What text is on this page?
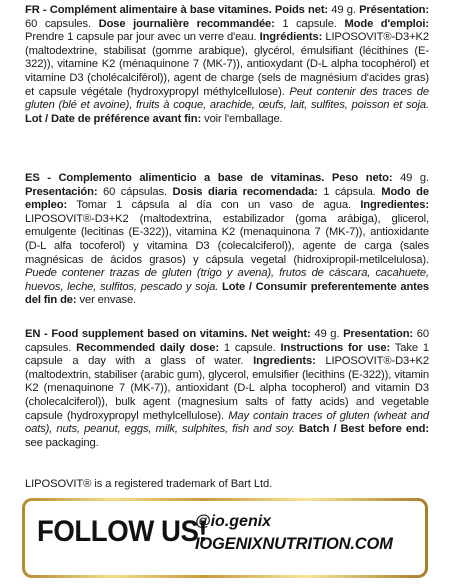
FR - Complément alimentaire à base vitamines. Poids net: 49 g. Présentation: 60 capsules. Dose journalière recommandée: 1 capsule. Mode d'emploi: Prendre 1 capsule par jour avec un verre d'eau. Ingrédients: LIPOSOVIT®-D3+K2 (maltodextrine, stabilisat (gomme arabique), glycérol, émulsifiant (lécithines (E-322)), vitamine K2 (ménaquinone 7 (MK-7)), antioxydant (D-L alpha tocophérol) et vitamine D3 (cholécalciférol)), agent de charge (sels de magnésium d'acides gras) et capsule végétale (hydroxypropyl méthylcellulose). Peut contenir des traces de gluten (blé et avoine), fruits à coque, arachide, œufs, lait, sulfites, poisson et soja. Lot / Date de préférence avant fin: voir l'emballage.
ES - Complemento alimenticio a base de vitaminas. Peso neto: 49 g. Presentación: 60 cápsulas. Dosis diaria recomendada: 1 cápsula. Modo de empleo: Tomar 1 cápsula al día con un vaso de agua. Ingredientes: LIPOSOVIT®-D3+K2 (maltodextrina, estabilizador (goma arábiga), glicerol, emulgente (lecitinas (E-322)), vitamina K2 (menaquinona 7 (MK-7)), antioxidante (D-L alfa tocoferol) y vitamina D3 (colecalciferol)), agente de carga (sales magnésicas de ácidos grasos) y cápsula vegetal (hidroxipropil-metilcelulosa). Puede contener trazas de gluten (trigo y avena), frutos de cáscara, cacahuete, huevos, leche, sulfitos, pescado y soja. Lote / Consumir preferentemente antes del fin de: ver envase.
EN - Food supplement based on vitamins. Net weight: 49 g. Presentation: 60 capsules. Recommended daily dose: 1 capsule. Instructions for use: Take 1 capsule a day with a glass of water. Ingredients: LIPOSOVIT®-D3+K2 (maltodextrin, stabiliser (arabic gum), glycerol, emulsifier (lecithins (E-322)), vitamin K2 (menaquinone 7 (MK-7)), antioxidant (D-L alpha tocopherol) and vitamin D3 (cholecalciferol)), bulk agent (magnesium salts of fatty acids) and vegetable capsule (hydroxypropyl methylcellulose). May contain traces of gluten (wheat and oats), nuts, peanut, eggs, milk, sulphites, fish and soy. Batch / Best before end: see packaging.
LIPOSOVIT® is a registered trademark of Bart Ltd.
FOLLOW US!
@io.genix
IOGENIXNUTRITION.COM
